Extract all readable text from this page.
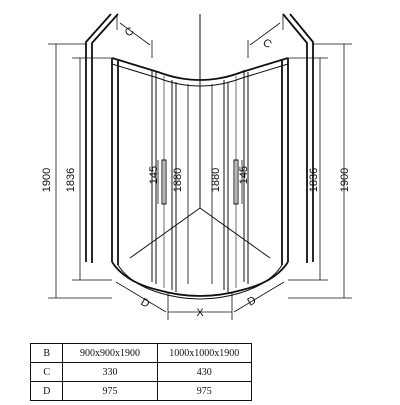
C
C
1900 1836	1836 1900
145 1880 1880 145
D
X
D
B	900x900x1900	1000x1000x1900
C	330	430
D	975	975
